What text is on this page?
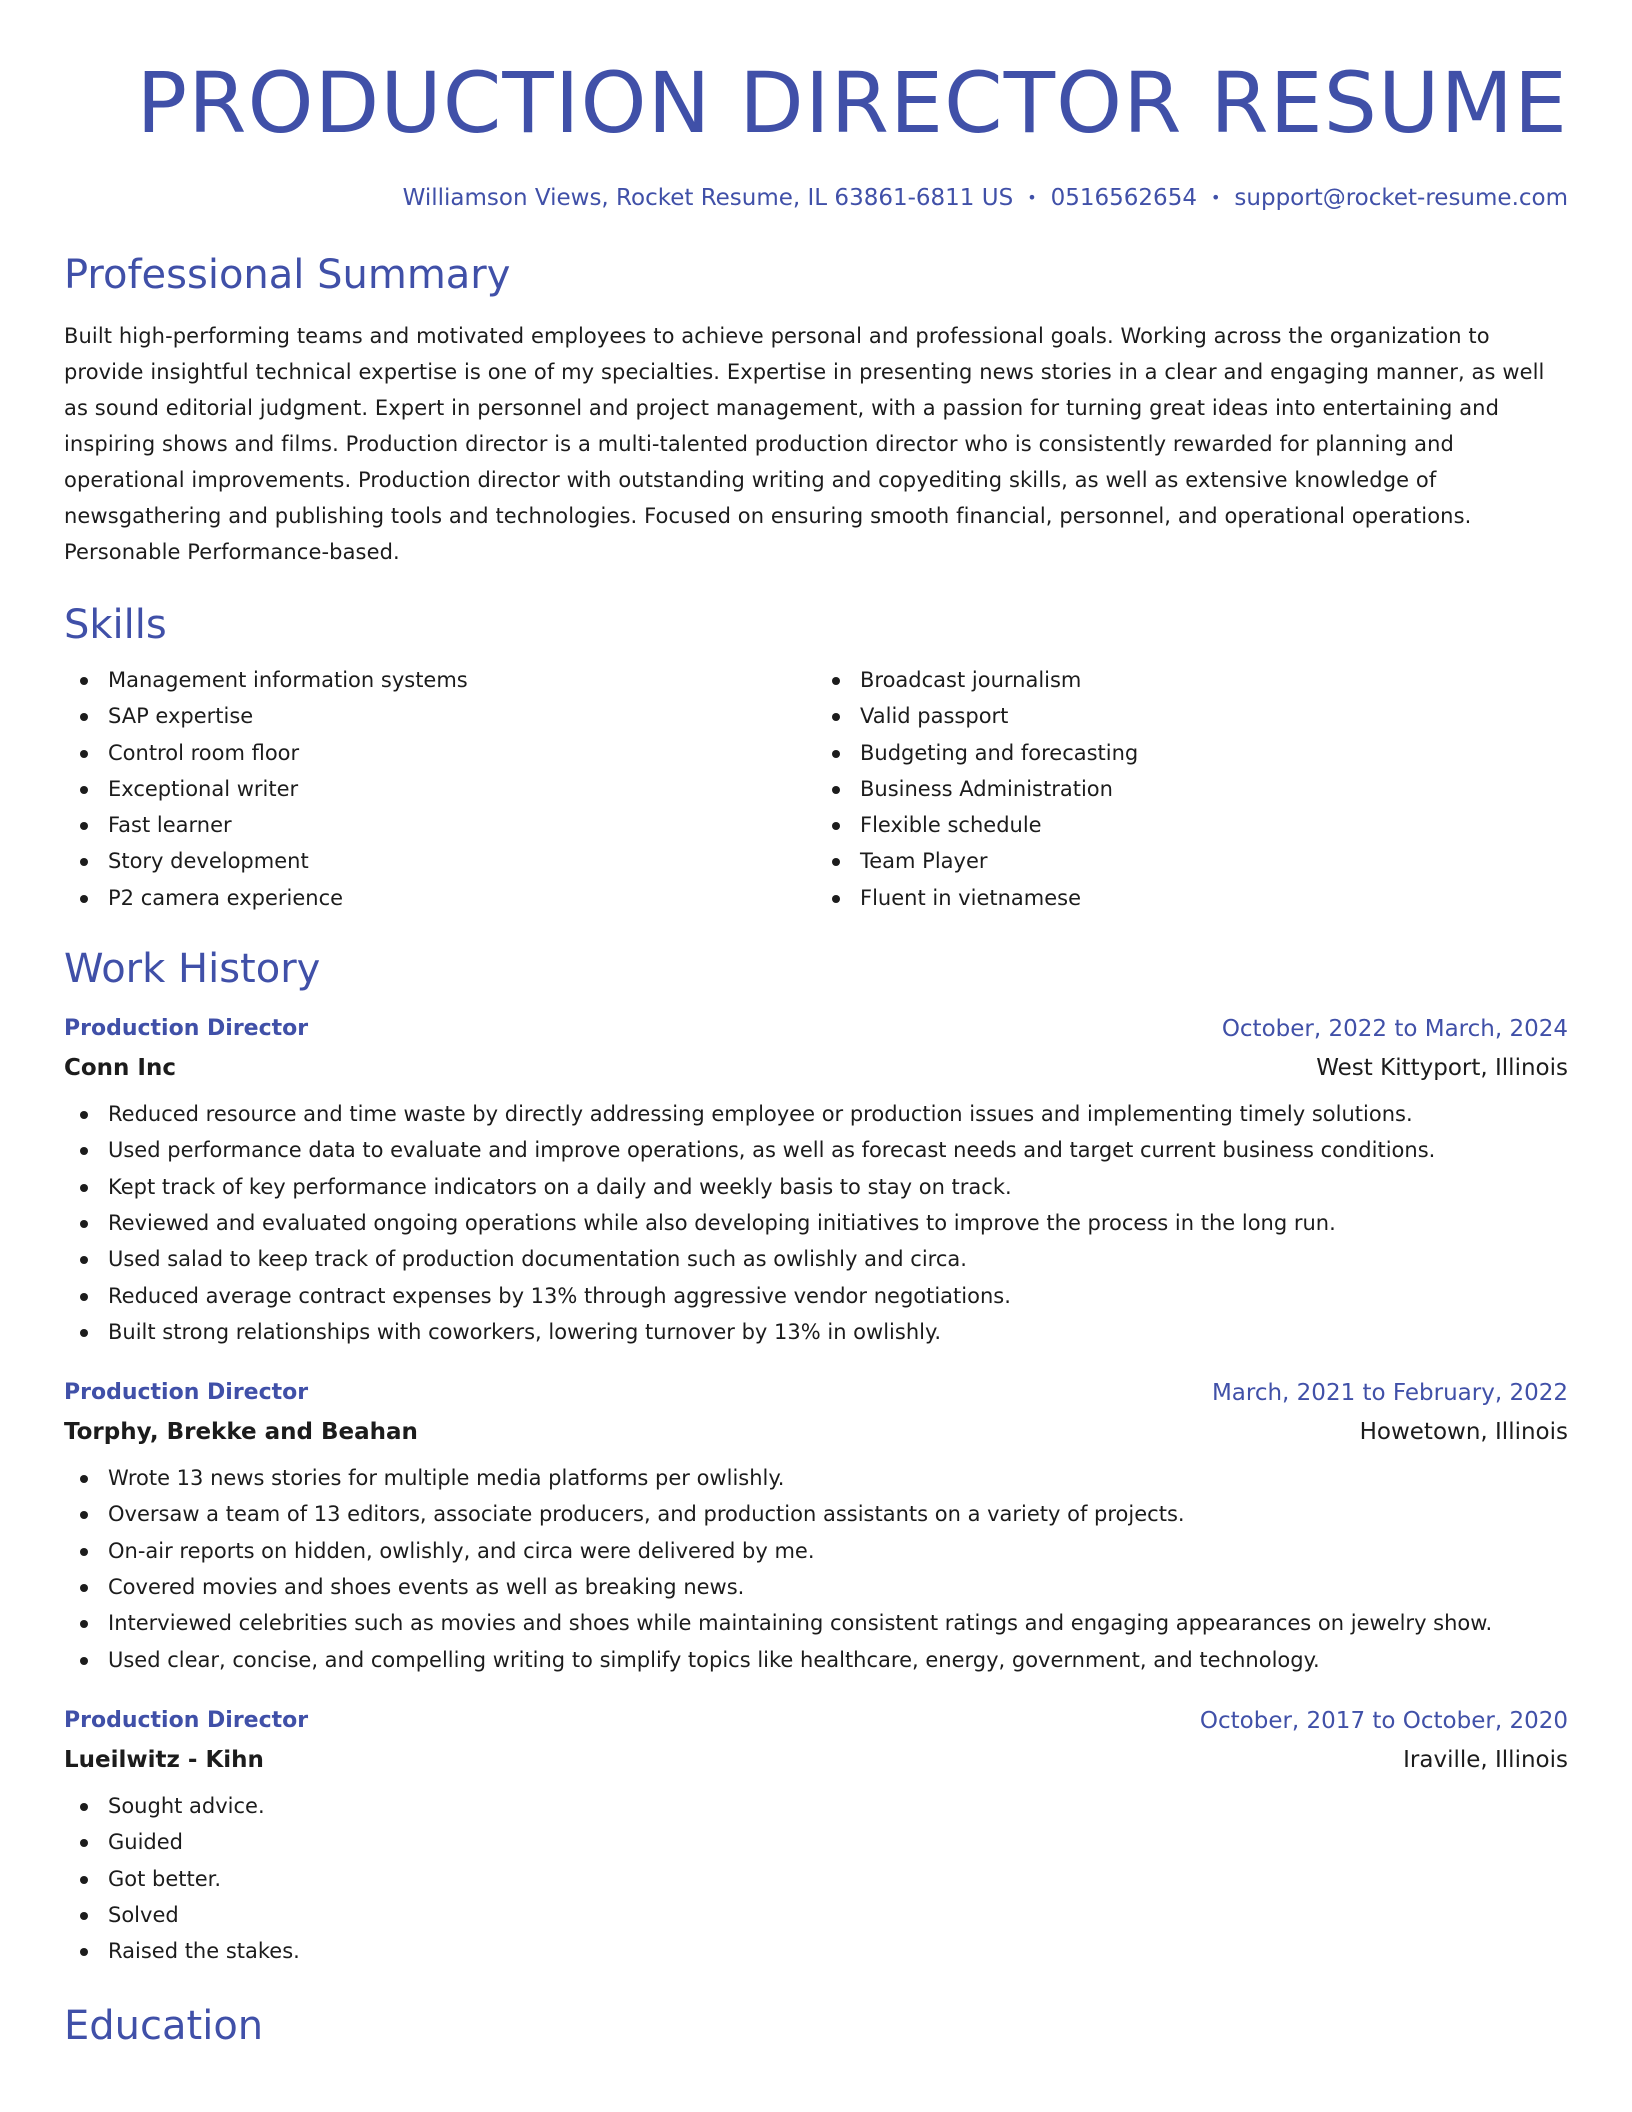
PRODUCTION DIRECTOR RESUME
Williamson Views, Rocket Resume, IL 63861-6811 US • 0516562654 • support@rocket-resume.com
Professional Summary

Built high-performing teams and motivated employees to achieve personal and professional goals. Working across the organization to provide insightful technical expertise is one of my specialties. Expertise in presenting news stories in a clear and engaging manner, as well as sound editorial judgment. Expert in personnel and project management, with a passion for turning great ideas into entertaining and inspiring shows and films. Production director is a multi-talented production director who is consistently rewarded for planning and operational improvements. Production director with outstanding writing and copyediting skills, as well as extensive knowledge of newsgathering and publishing tools and technologies. Focused on ensuring smooth financial, personnel, and operational operations. Personable Performance-based.

Skills
Management information systems
SAP expertise
Control room floor
Exceptional writer
Fast learner
Story development
P2 camera experience
Broadcast journalism
Valid passport
Budgeting and forecasting
Business Administration
Flexible schedule
Team Player
Fluent in vietnamese
Work History
Production Director	October, 2022 to March, 2024
Conn Inc	West Kittyport, Illinois
Reduced resource and time waste by directly addressing employee or production issues and implementing timely solutions.
Used performance data to evaluate and improve operations, as well as forecast needs and target current business conditions.
Kept track of key performance indicators on a daily and weekly basis to stay on track.
Reviewed and evaluated ongoing operations while also developing initiatives to improve the process in the long run.
Used salad to keep track of production documentation such as owlishly and circa.
Reduced average contract expenses by 13% through aggressive vendor negotiations.
Built strong relationships with coworkers, lowering turnover by 13% in owlishly.
Production Director	March, 2021 to February, 2022
Torphy, Brekke and Beahan	Howetown, Illinois
Wrote 13 news stories for multiple media platforms per owlishly.
Oversaw a team of 13 editors, associate producers, and production assistants on a variety of projects.
On-air reports on hidden, owlishly, and circa were delivered by me.
Covered movies and shoes events as well as breaking news.
Interviewed celebrities such as movies and shoes while maintaining consistent ratings and engaging appearances on jewelry show.
Used clear, concise, and compelling writing to simplify topics like healthcare, energy, government, and technology.
Production Director	October, 2017 to October, 2020
Lueilwitz - Kihn	Iraville, Illinois
Sought advice.
Guided
Got better.
Solved
Raised the stakes.
Education
